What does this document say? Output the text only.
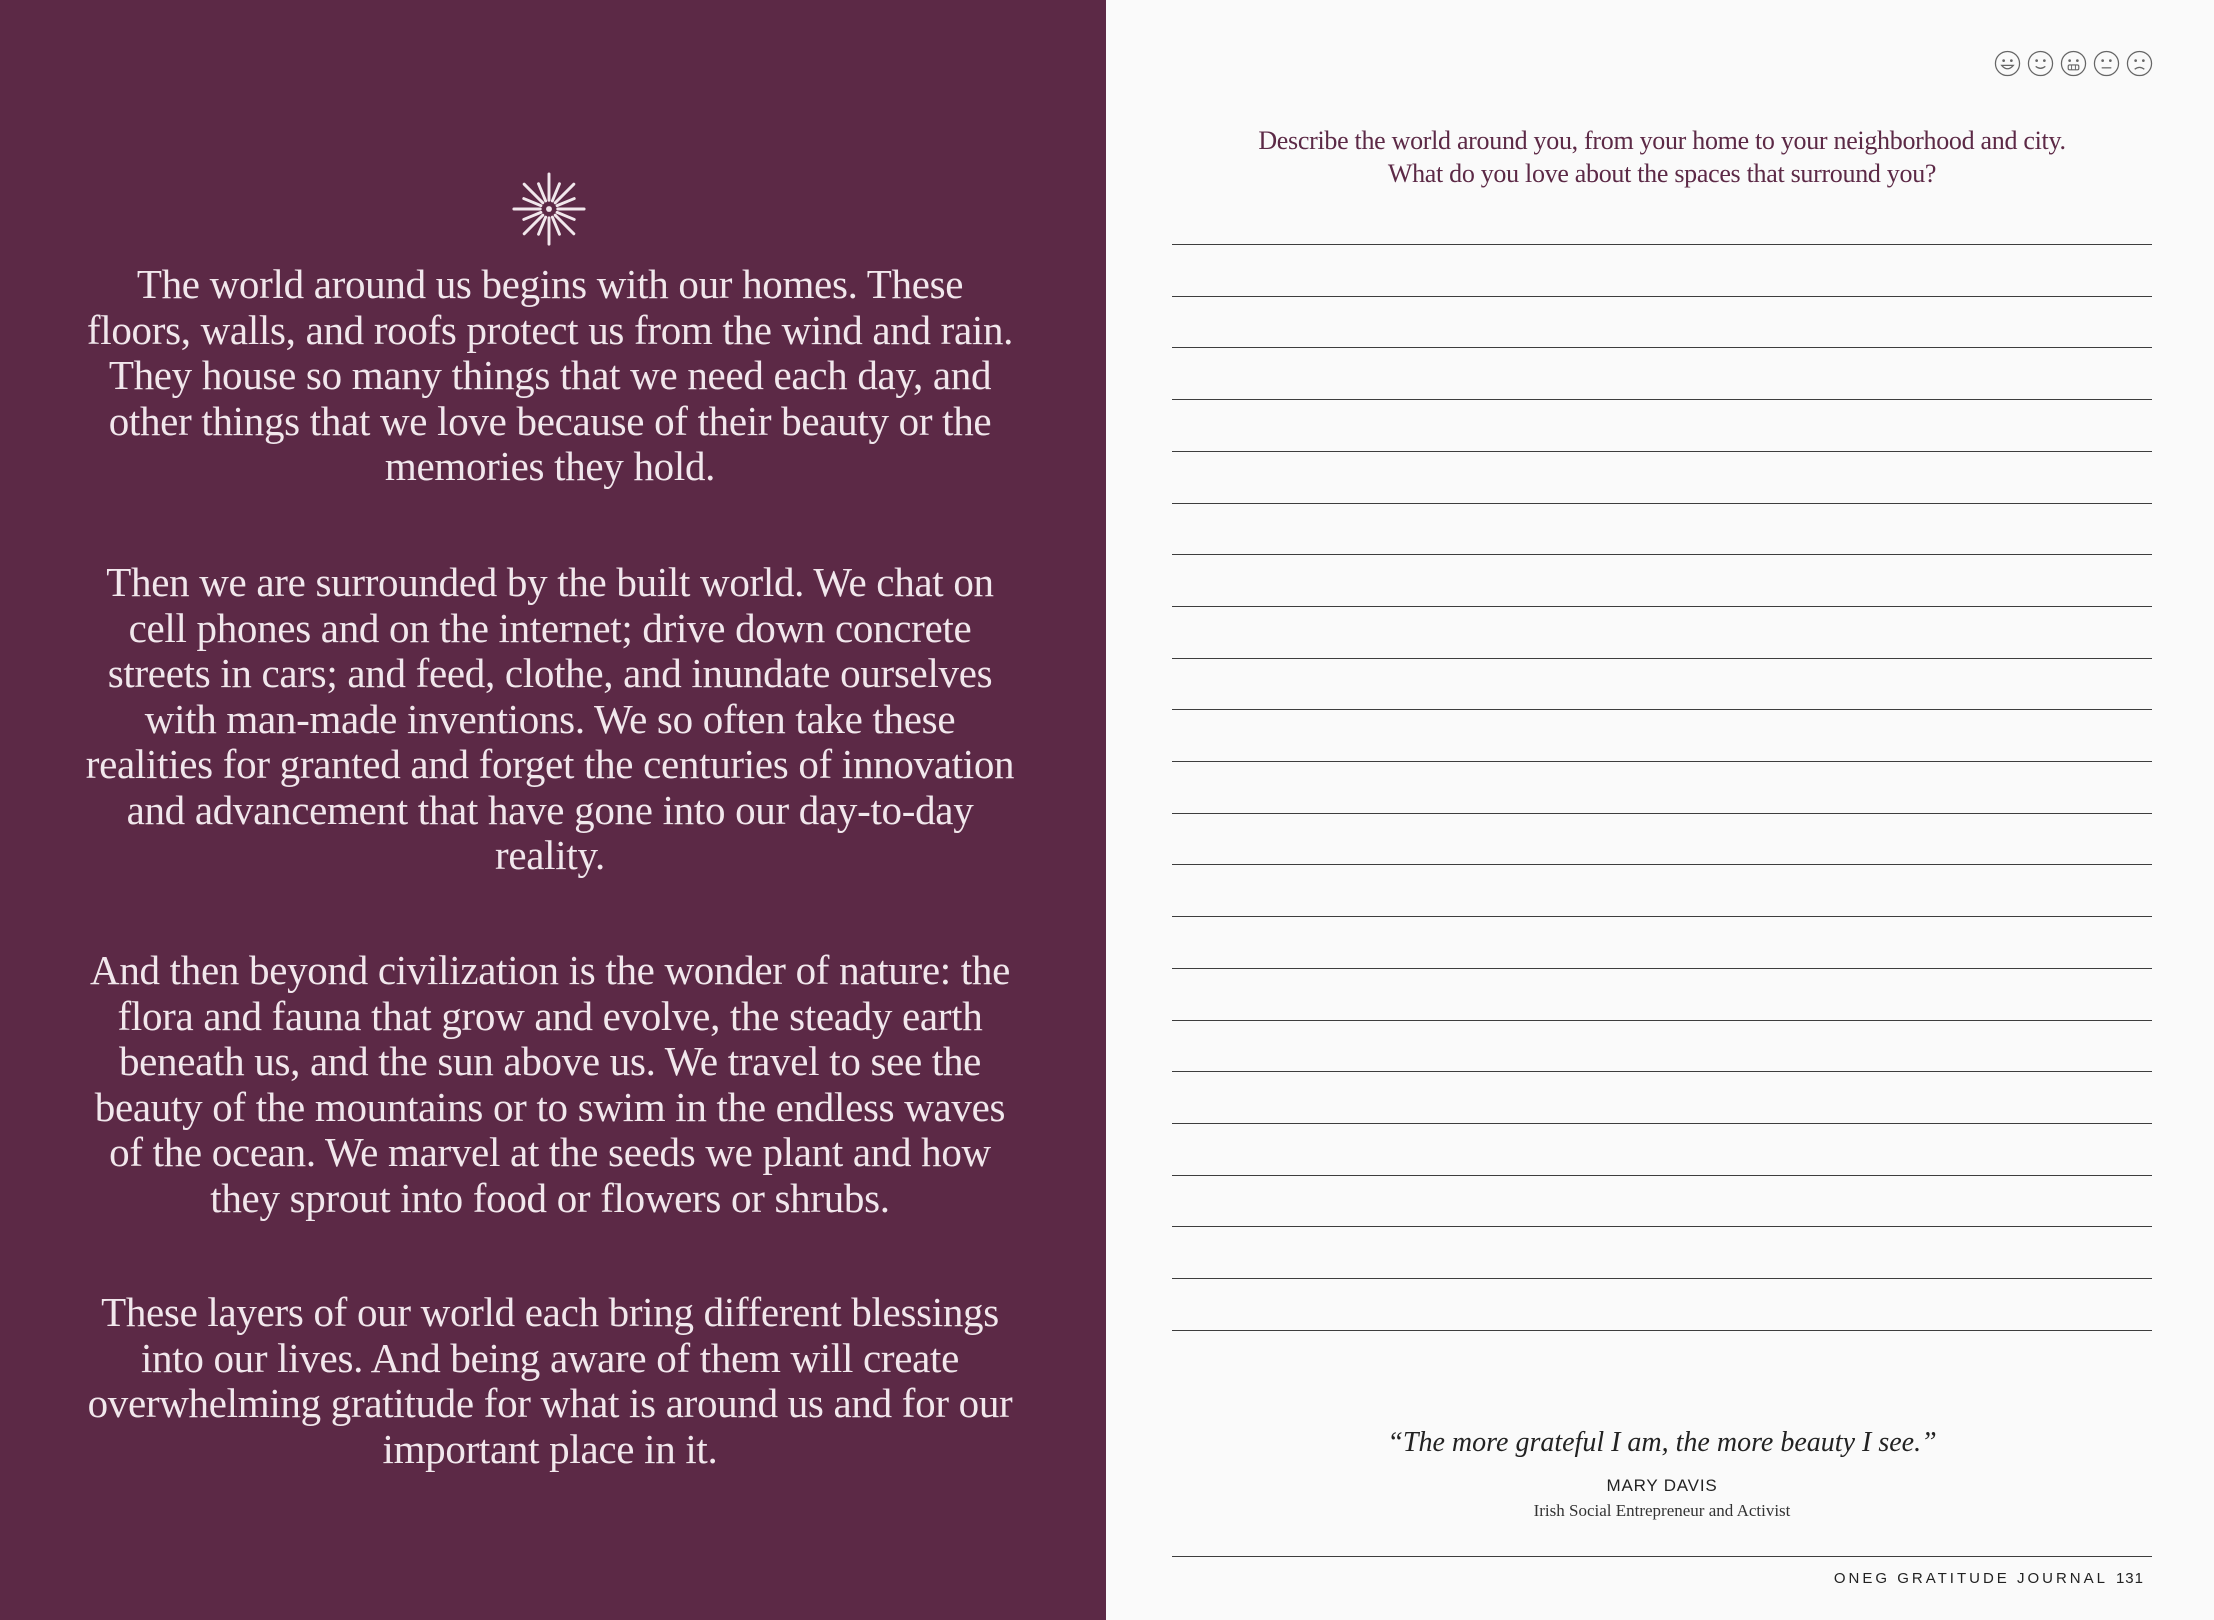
The world around us begins with our homes. These floors, walls, and roofs protect us from the wind and rain. They house so many things that we need each day, and other things that we love because of their beauty or the memories they hold.

Then we are surrounded by the built world. We chat on cell phones and on the internet; drive down concrete streets in cars; and feed, clothe, and inundate ourselves with man-made inventions. We so often take these realities for granted and forget the centuries of innovation and advancement that have gone into our day-to-day reality.

And then beyond civilization is the wonder of nature: the flora and fauna that grow and evolve, the steady earth beneath us, and the sun above us. We travel to see the beauty of the mountains or to swim in the endless waves of the ocean. We marvel at the seeds we plant and how they sprout into food or flowers or shrubs.

These layers of our world each bring different blessings into our lives. And being aware of them will create overwhelming gratitude for what is around us and for our important place in it.

Describe the world around you, from your home to your neighborhood and city.
What do you love about the spaces that surround you?

“The more grateful I am, the more beauty I see.”

MARY DAVIS

Irish Social Entrepreneur and Activist

ONEG GRATITUDE JOURNAL 131
